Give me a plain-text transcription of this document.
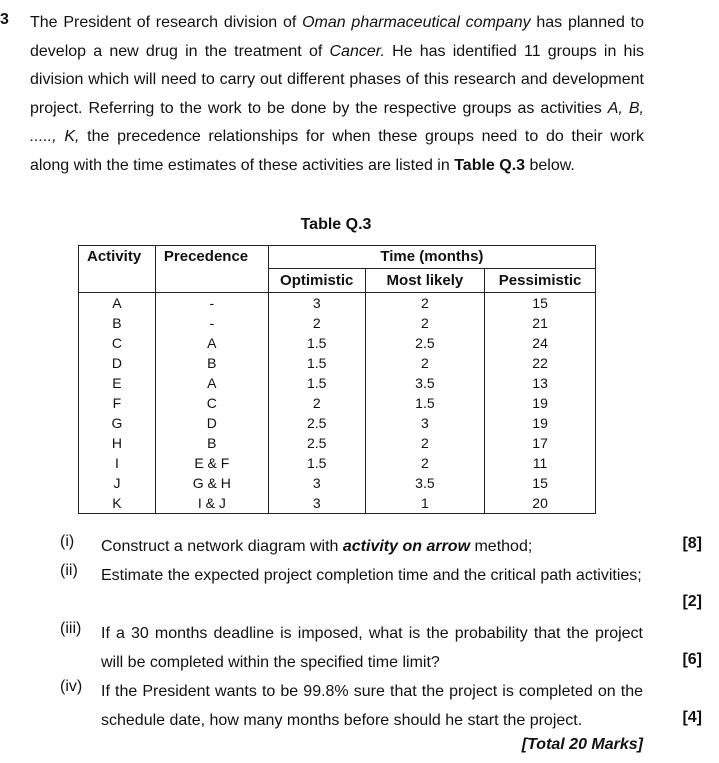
3 The President of research division of Oman pharmaceutical company has planned to develop a new drug in the treatment of Cancer. He has identified 11 groups in his division which will need to carry out different phases of this research and development project. Referring to the work to be done by the respective groups as activities A, B, ....., K, the precedence relationships for when these groups need to do their work along with the time estimates of these activities are listed in Table Q.3 below.
Table Q.3
Activity	Precedence	Time (months)		
		Optimistic	Most likely	Pessimistic
A	-	3	2	15
B	-	2	2	21
C	A	1.5	2.5	24
D	B	1.5	2	22
E	A	1.5	3.5	13
F	C	2	1.5	19
G	D	2.5	3	19
H	B	2.5	2	17
I	E & F	1.5	2	11
J	G & H	3	3.5	15
K	I & J	3	1	20
(i) Construct a network diagram with activity on arrow method;	[8]
(ii) Estimate the expected project completion time and the critical path activities;
[2]
(iii) If a 30 months deadline is imposed, what is the probability that the project will be completed within the specified time limit?	[6]
(iv) If the President wants to be 99.8% sure that the project is completed on the schedule date, how many months before should he start the project.	[4]
[Total 20 Marks]
